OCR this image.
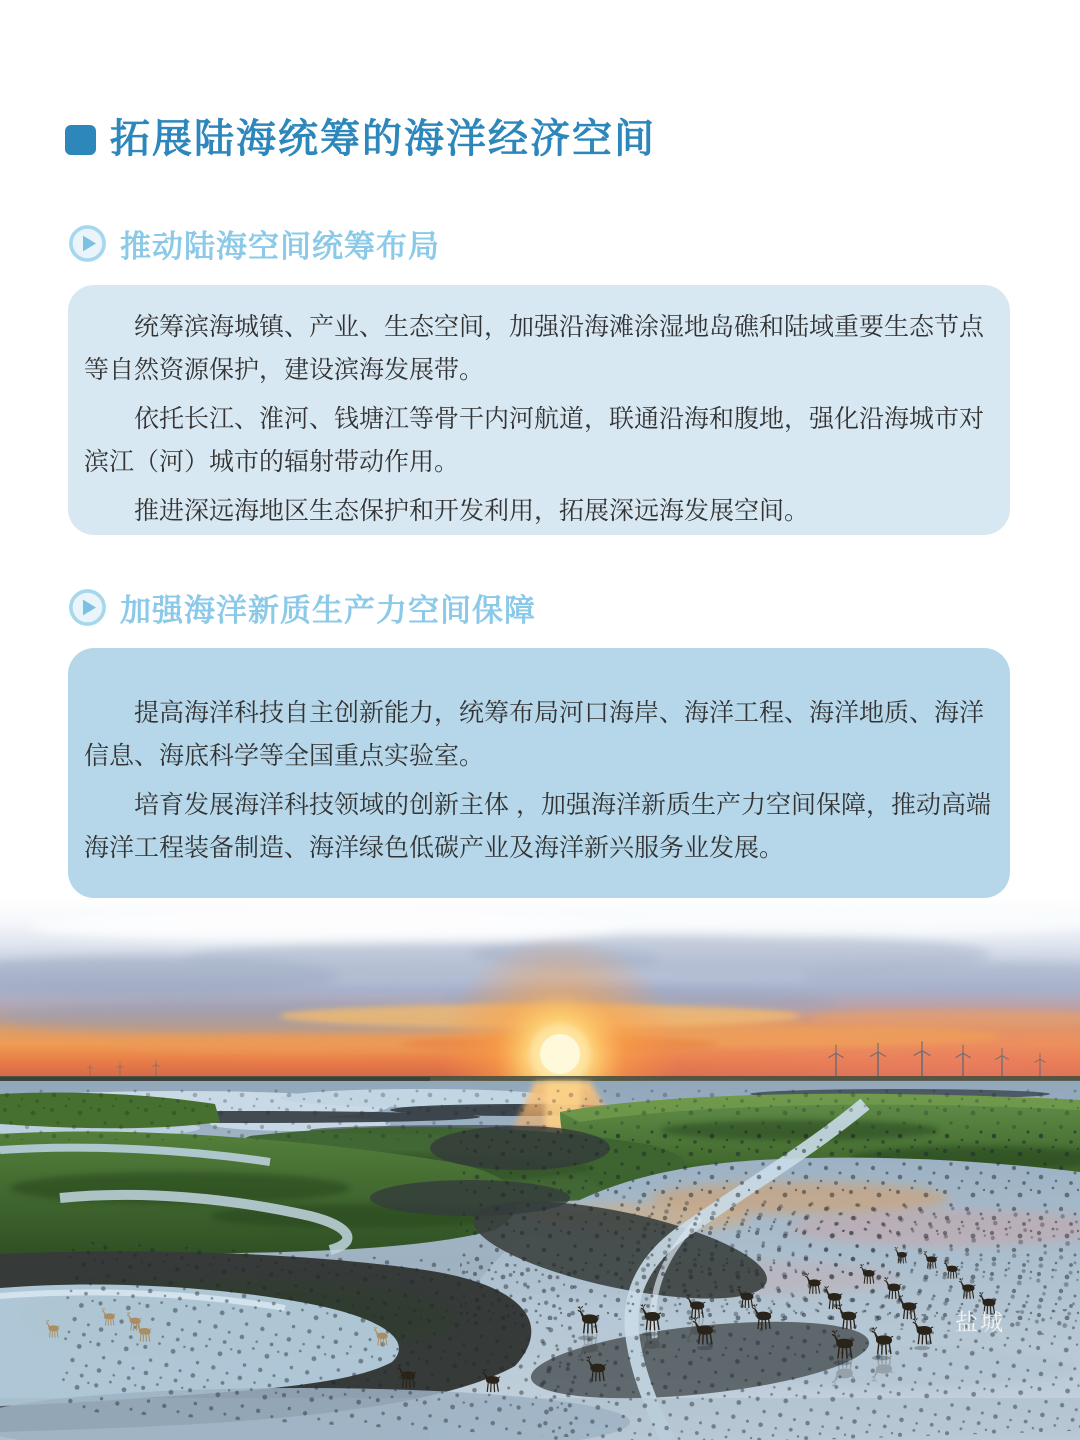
拓展陆海统筹的海洋经济空间
推动陆海空间统筹布局

统筹滨海城镇、产业、生态空间，加强沿海滩涂湿地岛礁和陆域重要生态节点等自然资源保护，建设滨海发展带。

依托长江、淮河、钱塘江等骨干内河航道，联通沿海和腹地，强化沿海城市对滨江（河）城市的辐射带动作用。

推进深远海地区生态保护和开发利用，拓展深远海发展空间。

加强海洋新质生产力空间保障

提高海洋科技自主创新能力，统筹布局河口海岸、海洋工程、海洋地质、海洋信息、海底科学等全国重点实验室。

培育发展海洋科技领域的创新主体 ，加强海洋新质生产力空间保障，推动高端海洋工程装备制造、海洋绿色低碳产业及海洋新兴服务业发展。

盐城
